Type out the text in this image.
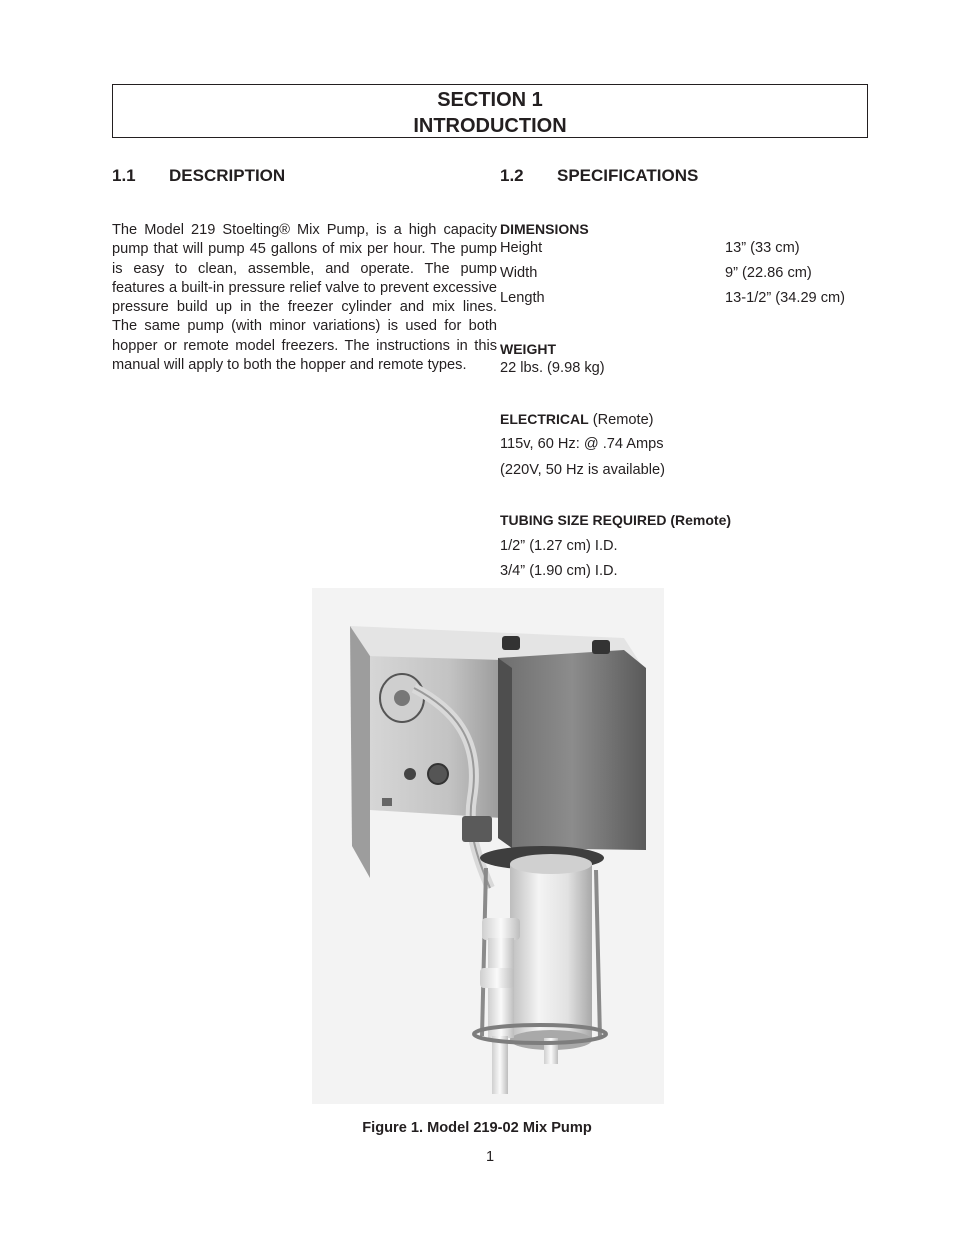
SECTION 1
INTRODUCTION
1.1 DESCRIPTION	1.2 SPECIFICATIONS
The Model 219 Stoelting® Mix Pump, is a high capacity
pump that will pump 45 gallons of mix per hour. The pump
is easy to clean, assemble, and operate. The pump
features a built-in pressure relief valve to prevent excessive
pressure build up in the freezer cylinder and mix lines.
The same pump (with minor variations) is used for both
hopper or remote model freezers. The instructions in this
manual will apply to both the hopper and remote types.
DIMENSIONS
Height	13” (33 cm)
Width	9” (22.86 cm)
Length	13-1/2” (34.29 cm)
WEIGHT
22 lbs. (9.98 kg)
ELECTRICAL (Remote)
115v, 60 Hz: @ .74 Amps
(220V, 50 Hz is available)
TUBING SIZE REQUIRED (Remote)
1/2” (1.27 cm) I.D.
3/4” (1.90 cm) I.D.
Figure 1. Model 219-02 Mix Pump
1
